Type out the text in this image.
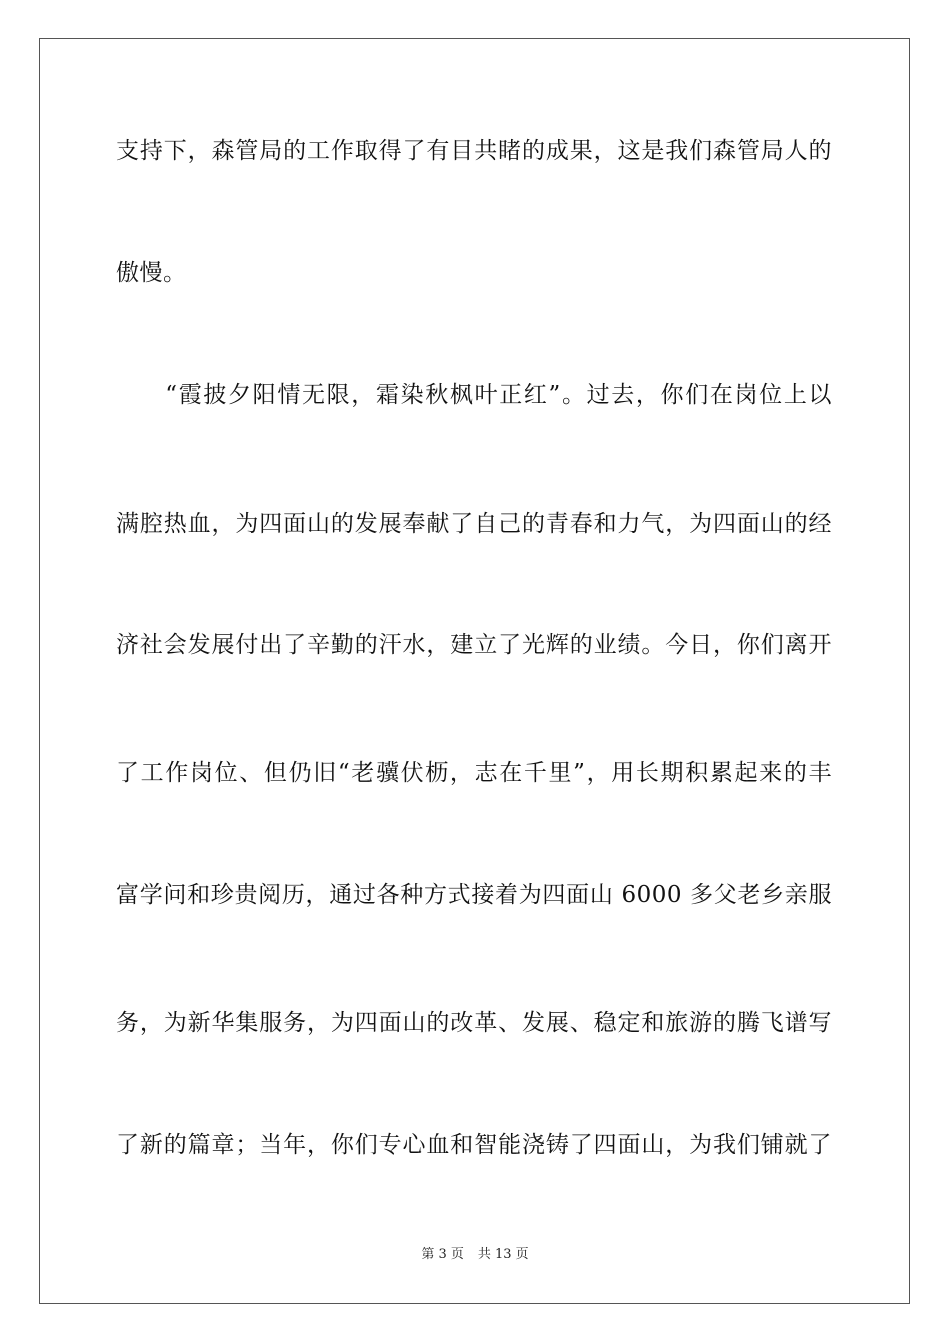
支持下，森管局的工作取得了有目共睹的成果，这是我们森管局人的
傲慢。
　　“霞披夕阳情无限，霜染秋枫叶正红”。过去，你们在岗位上以
满腔热血，为四面山的发展奉献了自己的青春和力气，为四面山的经
济社会发展付出了辛勤的汗水，建立了光辉的业绩。今日，你们离开
了工作岗位、但仍旧“老骥伏枥，志在千里”，用长期积累起来的丰
富学问和珍贵阅历，通过各种方式接着为四面山 6000 多父老乡亲服
务，为新华集服务，为四面山的改革、发展、稳定和旅游的腾飞谱写
了新的篇章；当年，你们专心血和智能浇铸了四面山，为我们铺就了
第 3 页 共 13 页
